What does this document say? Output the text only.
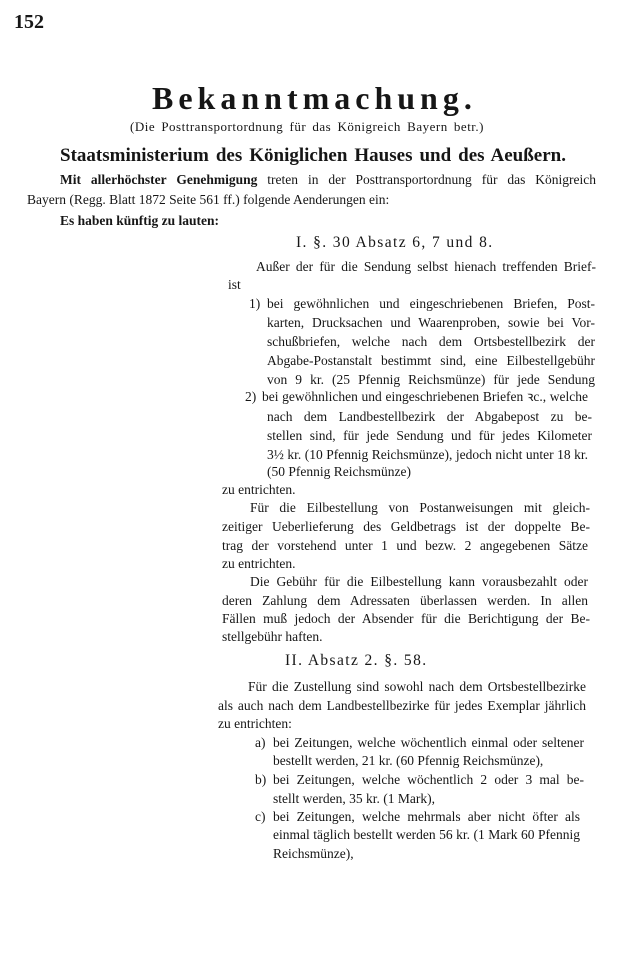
152
Bekanntmachung.
(Die Posttransportordnung für das Königreich Bayern betr.)
Staatsministerium des Königlichen Hauses und des Aeußern.
Mit allerhöchster Genehmigung treten in der Posttransportordnung für das Königreich
Bayern (Regg. Blatt 1872 Seite 561 ff.) folgende Aenderungen ein:
Es haben künftig zu lauten:
I. §. 30 Absatz 6, 7 und 8.
Außer der für die Sendung selbst hienach treffenden Brief-
ist
1) bei gewöhnlichen und eingeschriebenen Briefen, Post-
karten, Drucksachen und Waarenproben, sowie bei Vor-
schußbriefen, welche nach dem Ortsbestellbezirk der
Abgabe-Postanstalt bestimmt sind, eine Eilbestellgebühr
von 9 kr. (25 Pfennig Reichsmünze) für jede Sendung
2) bei gewöhnlichen und eingeschriebenen Briefen ꝛc., welche
nach dem Landbestellbezirk der Abgabepost zu be-
stellen sind, für jede Sendung und für jedes Kilometer
3½ kr. (10 Pfennig Reichsmünze), jedoch nicht unter 18 kr.
(50 Pfennig Reichsmünze)
zu entrichten.
Für die Eilbestellung von Postanweisungen mit gleich-
zeitiger Ueberlieferung des Geldbetrags ist der doppelte Be-
trag der vorstehend unter 1 und bezw. 2 angegebenen Sätze
zu entrichten.
Die Gebühr für die Eilbestellung kann vorausbezahlt oder
deren Zahlung dem Adressaten überlassen werden. In allen
Fällen muß jedoch der Absender für die Berichtigung der Be-
stellgebühr haften.
II. Absatz 2. §. 58.
Für die Zustellung sind sowohl nach dem Ortsbestellbezirke
als auch nach dem Landbestellbezirke für jedes Exemplar jährlich
zu entrichten:
a) bei Zeitungen, welche wöchentlich einmal oder seltener
bestellt werden, 21 kr. (60 Pfennig Reichsmünze),
b) bei Zeitungen, welche wöchentlich 2 oder 3 mal be-
stellt werden, 35 kr. (1 Mark),
c) bei Zeitungen, welche mehrmals aber nicht öfter als
einmal täglich bestellt werden 56 kr. (1 Mark 60 Pfennig
Reichsmünze),
